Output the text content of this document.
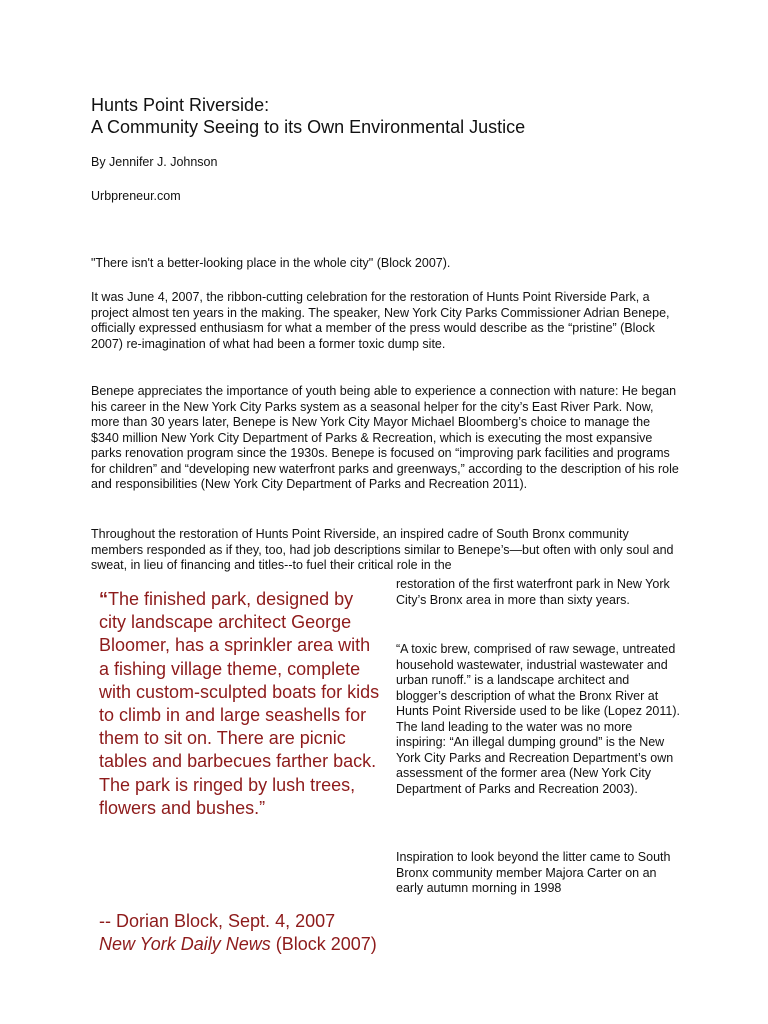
Hunts Point Riverside:
A Community Seeing to its Own Environmental Justice
By Jennifer J. Johnson
Urbpreneur.com

"There isn't a better-looking place in the whole city" (Block 2007).

It was June 4, 2007, the ribbon-cutting celebration for the restoration of Hunts Point Riverside Park, a project almost ten years in the making. The speaker, New York City Parks Commissioner Adrian Benepe, officially expressed enthusiasm for what a member of the press would describe as the “pristine” (Block 2007) re-imagination of what had been a former toxic dump site.

Benepe appreciates the importance of youth being able to experience a connection with nature: He began his career in the New York City Parks system as a seasonal helper for the city’s East River Park. Now, more than 30 years later, Benepe is New York City Mayor Michael Bloomberg’s choice to manage the $340 million New York City Department of Parks & Recreation, which is executing the most expansive parks renovation program since the 1930s. Benepe is focused on “improving park facilities and programs for children” and “developing new waterfront parks and greenways,” according to the description of his role and responsibilities (New York City Department of Parks and Recreation 2011).

Throughout the restoration of Hunts Point Riverside, an inspired cadre of South Bronx community members responded as if they, too, had job descriptions similar to Benepe’s—but often with only soul and sweat, in lieu of financing and titles--to fuel their critical role in the

“The finished park, designed by city landscape architect George Bloomer, has a sprinkler area with a fishing village theme, complete with custom-sculpted boats for kids to climb in and large seashells for them to sit on. There are picnic tables and barbecues farther back. The park is ringed by lush trees, flowers and bushes.”
-- Dorian Block, Sept. 4, 2007
New York Daily News (Block 2007)

restoration of the first waterfront park in New York City’s Bronx area in more than sixty years.

“A toxic brew, comprised of raw sewage, untreated household wastewater, industrial wastewater and urban runoff.” is a landscape architect and blogger’s description of what the Bronx River at Hunts Point Riverside used to be like (Lopez 2011). The land leading to the water was no more inspiring: “An illegal dumping ground” is the New York City Parks and Recreation Department’s own assessment of the former area (New York City Department of Parks and Recreation 2003).

Inspiration to look beyond the litter came to South Bronx community member Majora Carter on an early autumn morning in 1998
